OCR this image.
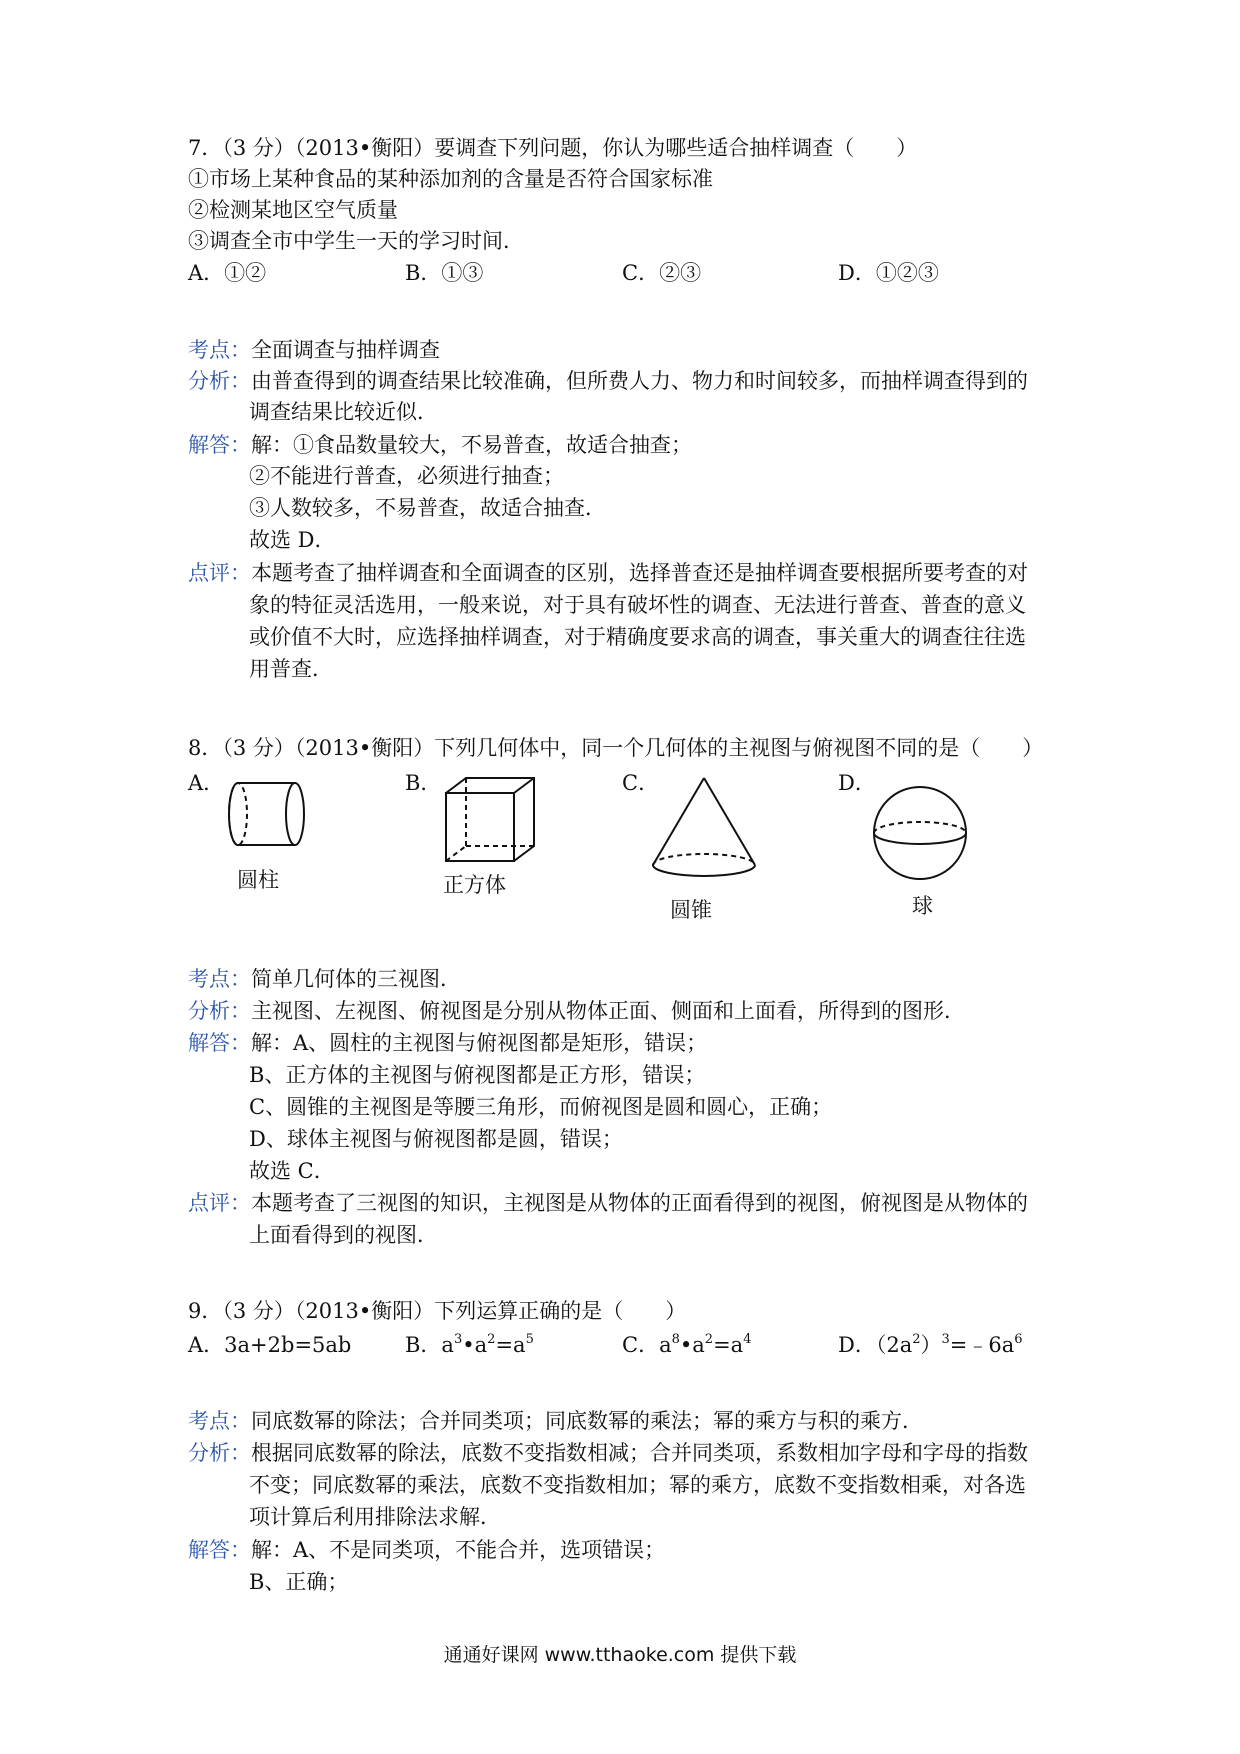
7．（3 分）（2013•衡阳）要调查下列问题，你认为哪些适合抽样调查（　　）
①市场上某种食品的某种添加剂的含量是否符合国家标准
②检测某地区空气质量
③调查全市中学生一天的学习时间．
A．①②	B．①③	C．②③	D．①②③
考点：全面调查与抽样调查
分析：由普查得到的调查结果比较准确，但所费人力、物力和时间较多，而抽样调查得到的
调查结果比较近似．
解答：解：①食品数量较大，不易普查，故适合抽查；
②不能进行普查，必须进行抽查；
③人数较多，不易普查，故适合抽查．
故选 D．
点评：本题考查了抽样调查和全面调查的区别，选择普查还是抽样调查要根据所要考查的对
象的特征灵活选用，一般来说，对于具有破坏性的调查、无法进行普查、普查的意义
或价值不大时，应选择抽样调查，对于精确度要求高的调查，事关重大的调查往往选
用普查．
8．（3 分）（2013•衡阳）下列几何体中，同一个几何体的主视图与俯视图不同的是（　　）
A．	B．	C．	D．
圆柱	正方体
圆锥	球
考点：简单几何体的三视图．
分析：主视图、左视图、俯视图是分别从物体正面、侧面和上面看，所得到的图形．
解答：解：A、圆柱的主视图与俯视图都是矩形，错误；
B、正方体的主视图与俯视图都是正方形，错误；
C、圆锥的主视图是等腰三角形，而俯视图是圆和圆心，正确；
D、球体主视图与俯视图都是圆，错误；
故选 C．
点评：本题考查了三视图的知识，主视图是从物体的正面看得到的视图，俯视图是从物体的
上面看得到的视图．
9．（3 分）（2013•衡阳）下列运算正确的是（　　）
A．3a+2b=5ab	B．$a^3•a^2=a^5$	C．$a^8•a^2=a^4$	D．$(2a^2)^3=﹣6a^6$
考点：同底数幂的除法；合并同类项；同底数幂的乘法；幂的乘方与积的乘方．
分析：根据同底数幂的除法，底数不变指数相减；合并同类项，系数相加字母和字母的指数
不变；同底数幂的乘法，底数不变指数相加；幂的乘方，底数不变指数相乘，对各选
项计算后利用排除法求解．
解答：解：A、不是同类项，不能合并，选项错误；
B、正确；
通通好课网 www.tthaoke.com 提供下载
